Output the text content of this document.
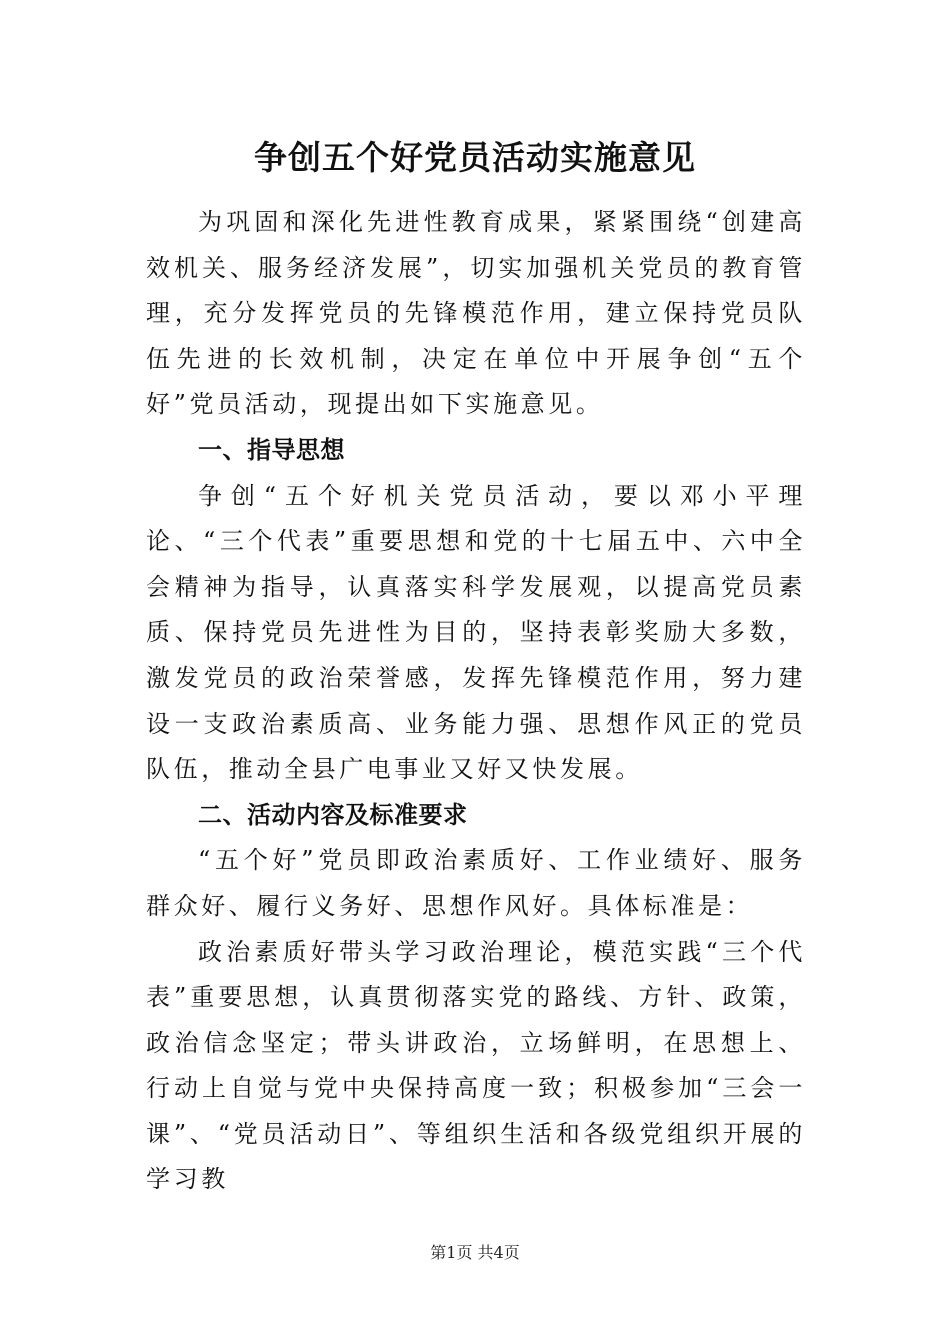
争创五个好党员活动实施意见

为巩固和深化先进性教育成果，紧紧围绕“创建高效机关、服务经济发展”，切实加强机关党员的教育管理，充分发挥党员的先锋模范作用，建立保持党员队伍先进的长效机制，决定在单位中开展争创“五个好”党员活动，现提出如下实施意见。

一、指导思想

争创“五个好机关党员活动，要以邓小平理论、“三个代表”重要思想和党的十七届五中、六中全会精神为指导，认真落实科学发展观，以提高党员素质、保持党员先进性为目的，坚持表彰奖励大多数，激发党员的政治荣誉感，发挥先锋模范作用，努力建设一支政治素质高、业务能力强、思想作风正的党员队伍，推动全县广电事业又好又快发展。

二、活动内容及标准要求

“五个好”党员即政治素质好、工作业绩好、服务群众好、履行义务好、思想作风好。具体标准是：

政治素质好带头学习政治理论，模范实践“三个代表”重要思想，认真贯彻落实党的路线、方针、政策，政治信念坚定；带头讲政治，立场鲜明，在思想上、行动上自觉与党中央保持高度一致；积极参加“三会一课”、“党员活动日”、等组织生活和各级党组织开展的学习教

第1页 共4页
